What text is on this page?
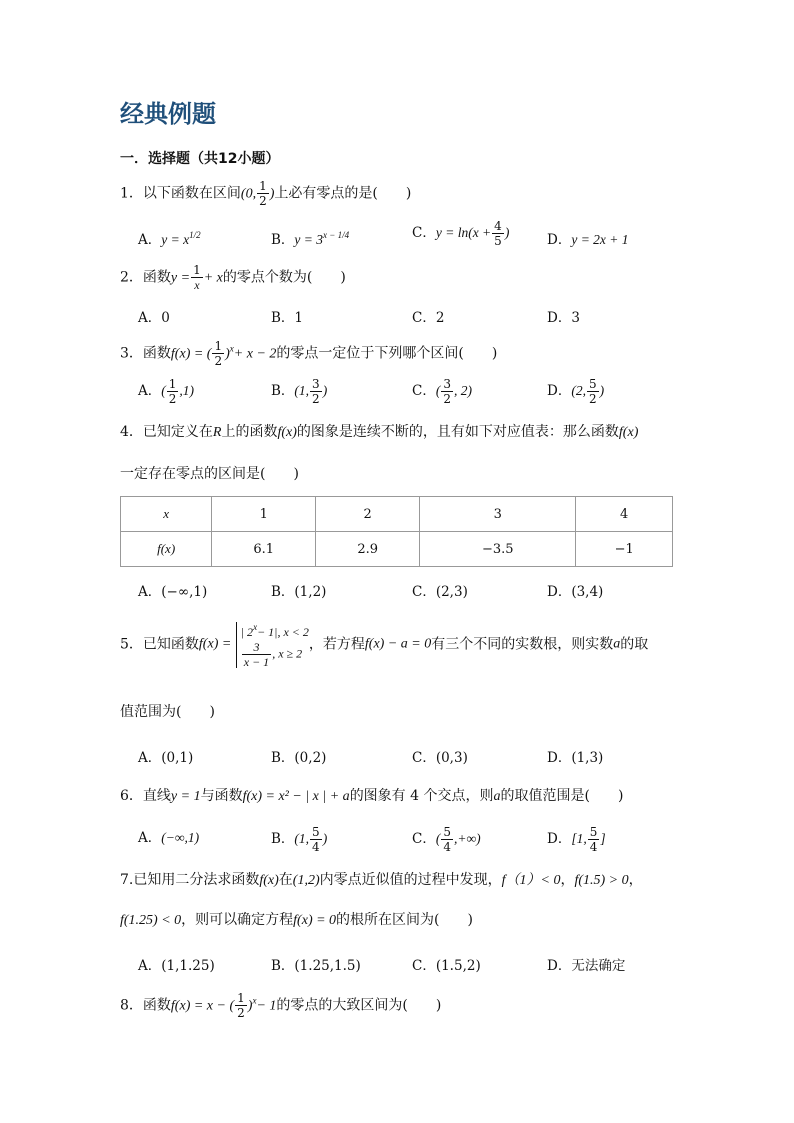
经典例题
一．选择题（共12小题）
1．以下函数在区间(0, $\frac{1}{2}$ )上必有零点的是(　　)
A．$y = x^{1/2}$	B．$y = 3^{x - 1/4}$	C．$y = \ln(x + \frac{4}{5}$ )	D．y = 2x + 1
2．函数$y = \frac{1}{x} + x$的零点个数为(　　)
A．0	B．1	C．2	D．3
3．函数f(x) = ( $\frac{1}{2} )^x+ x - 2$的零点一定位于下列哪个区间(　　)
A．( $\frac{1}{2} ,1$)	B．(1, $\frac{3}{2}$ )	C．( $\frac{3}{2}$ , 2)	D．(2, $\frac{5}{2}$ )
4．已知定义在R上的函数f(x)的图象是连续不断的，且有如下对应值表：那么函数f(x)
一定存在零点的区间是(　　)
x	1	2	3	4
f(x)	6.1	2.9	−3.5	−1
A．(−∞,1)	B．(1,2)	C．(2,3)	D．(3,4)
5．已知函数f(x) =
| $2^x- 1|$, x < 2
$\frac{3}{x - 1}$ , x ≥ 2
，若方程f(x) − a = 0有三个不同的实数根，则实数a的取
值范围为(　　)
A．(0,1)	B．(0,2)	C．(0,3)	D．(1,3)
6．直线y = 1与函数f(x) = x² − | x | + a的图象有 4 个交点，则a的取值范围是(　　)
A．(−∞,1)	B．(1, $\frac{5}{4}$ )	C．( $\frac{5}{4}$ ,+∞)	D．[1, $\frac{5}{4}$ ]
7.已知用二分法求函数f(x)在(1,2)内零点近似值的过程中发现，f（1）< 0，f(1.5) > 0，
f(1.25) < 0，则可以确定方程f(x) = 0的根所在区间为(　　)
A．(1,1.25)	B．(1.25,1.5)	C．(1.5,2)	D．无法确定
8．函数f(x) = x − ( $\frac{1}{2} )^x- 1$的零点的大致区间为(　　)
